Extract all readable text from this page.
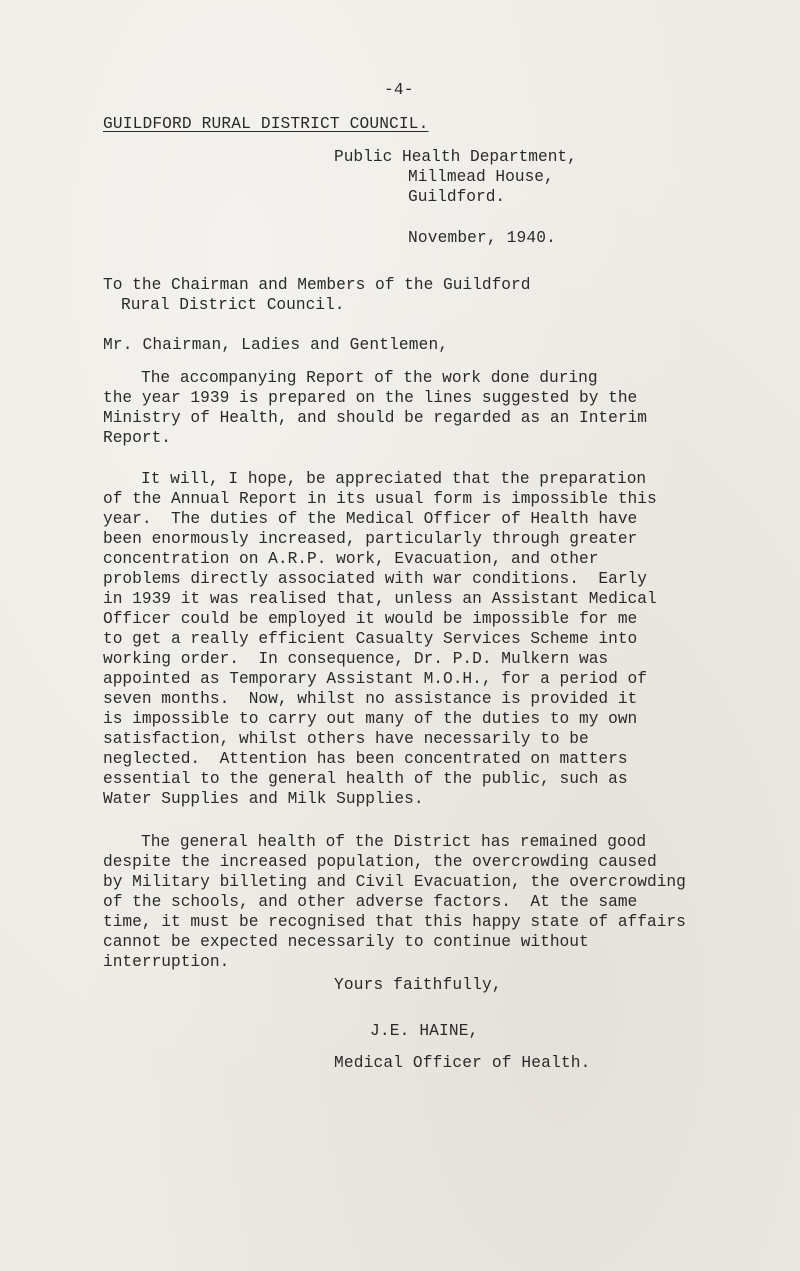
-4-
GUILDFORD RURAL DISTRICT COUNCIL.
Public Health Department,
Millmead House,
Guildford.
November, 1940.
To the Chairman and Members of the Guildford
Rural District Council.
Mr. Chairman, Ladies and Gentlemen,
The accompanying Report of the work done during
the year 1939 is prepared on the lines suggested by the
Ministry of Health, and should be regarded as an Interim
Report.
It will, I hope, be appreciated that the preparation
of the Annual Report in its usual form is impossible this
year.  The duties of the Medical Officer of Health have
been enormously increased, particularly through greater
concentration on A.R.P. work, Evacuation, and other
problems directly associated with war conditions.  Early
in 1939 it was realised that, unless an Assistant Medical
Officer could be employed it would be impossible for me
to get a really efficient Casualty Services Scheme into
working order.  In consequence, Dr. P.D. Mulkern was
appointed as Temporary Assistant M.O.H., for a period of
seven months.  Now, whilst no assistance is provided it
is impossible to carry out many of the duties to my own
satisfaction, whilst others have necessarily to be
neglected.  Attention has been concentrated on matters
essential to the general health of the public, such as
Water Supplies and Milk Supplies.
The general health of the District has remained good
despite the increased population, the overcrowding caused
by Military billeting and Civil Evacuation, the overcrowding
of the schools, and other adverse factors.  At the same
time, it must be recognised that this happy state of affairs
cannot be expected necessarily to continue without
interruption.
Yours faithfully,
J.E. HAINE,
Medical Officer of Health.
